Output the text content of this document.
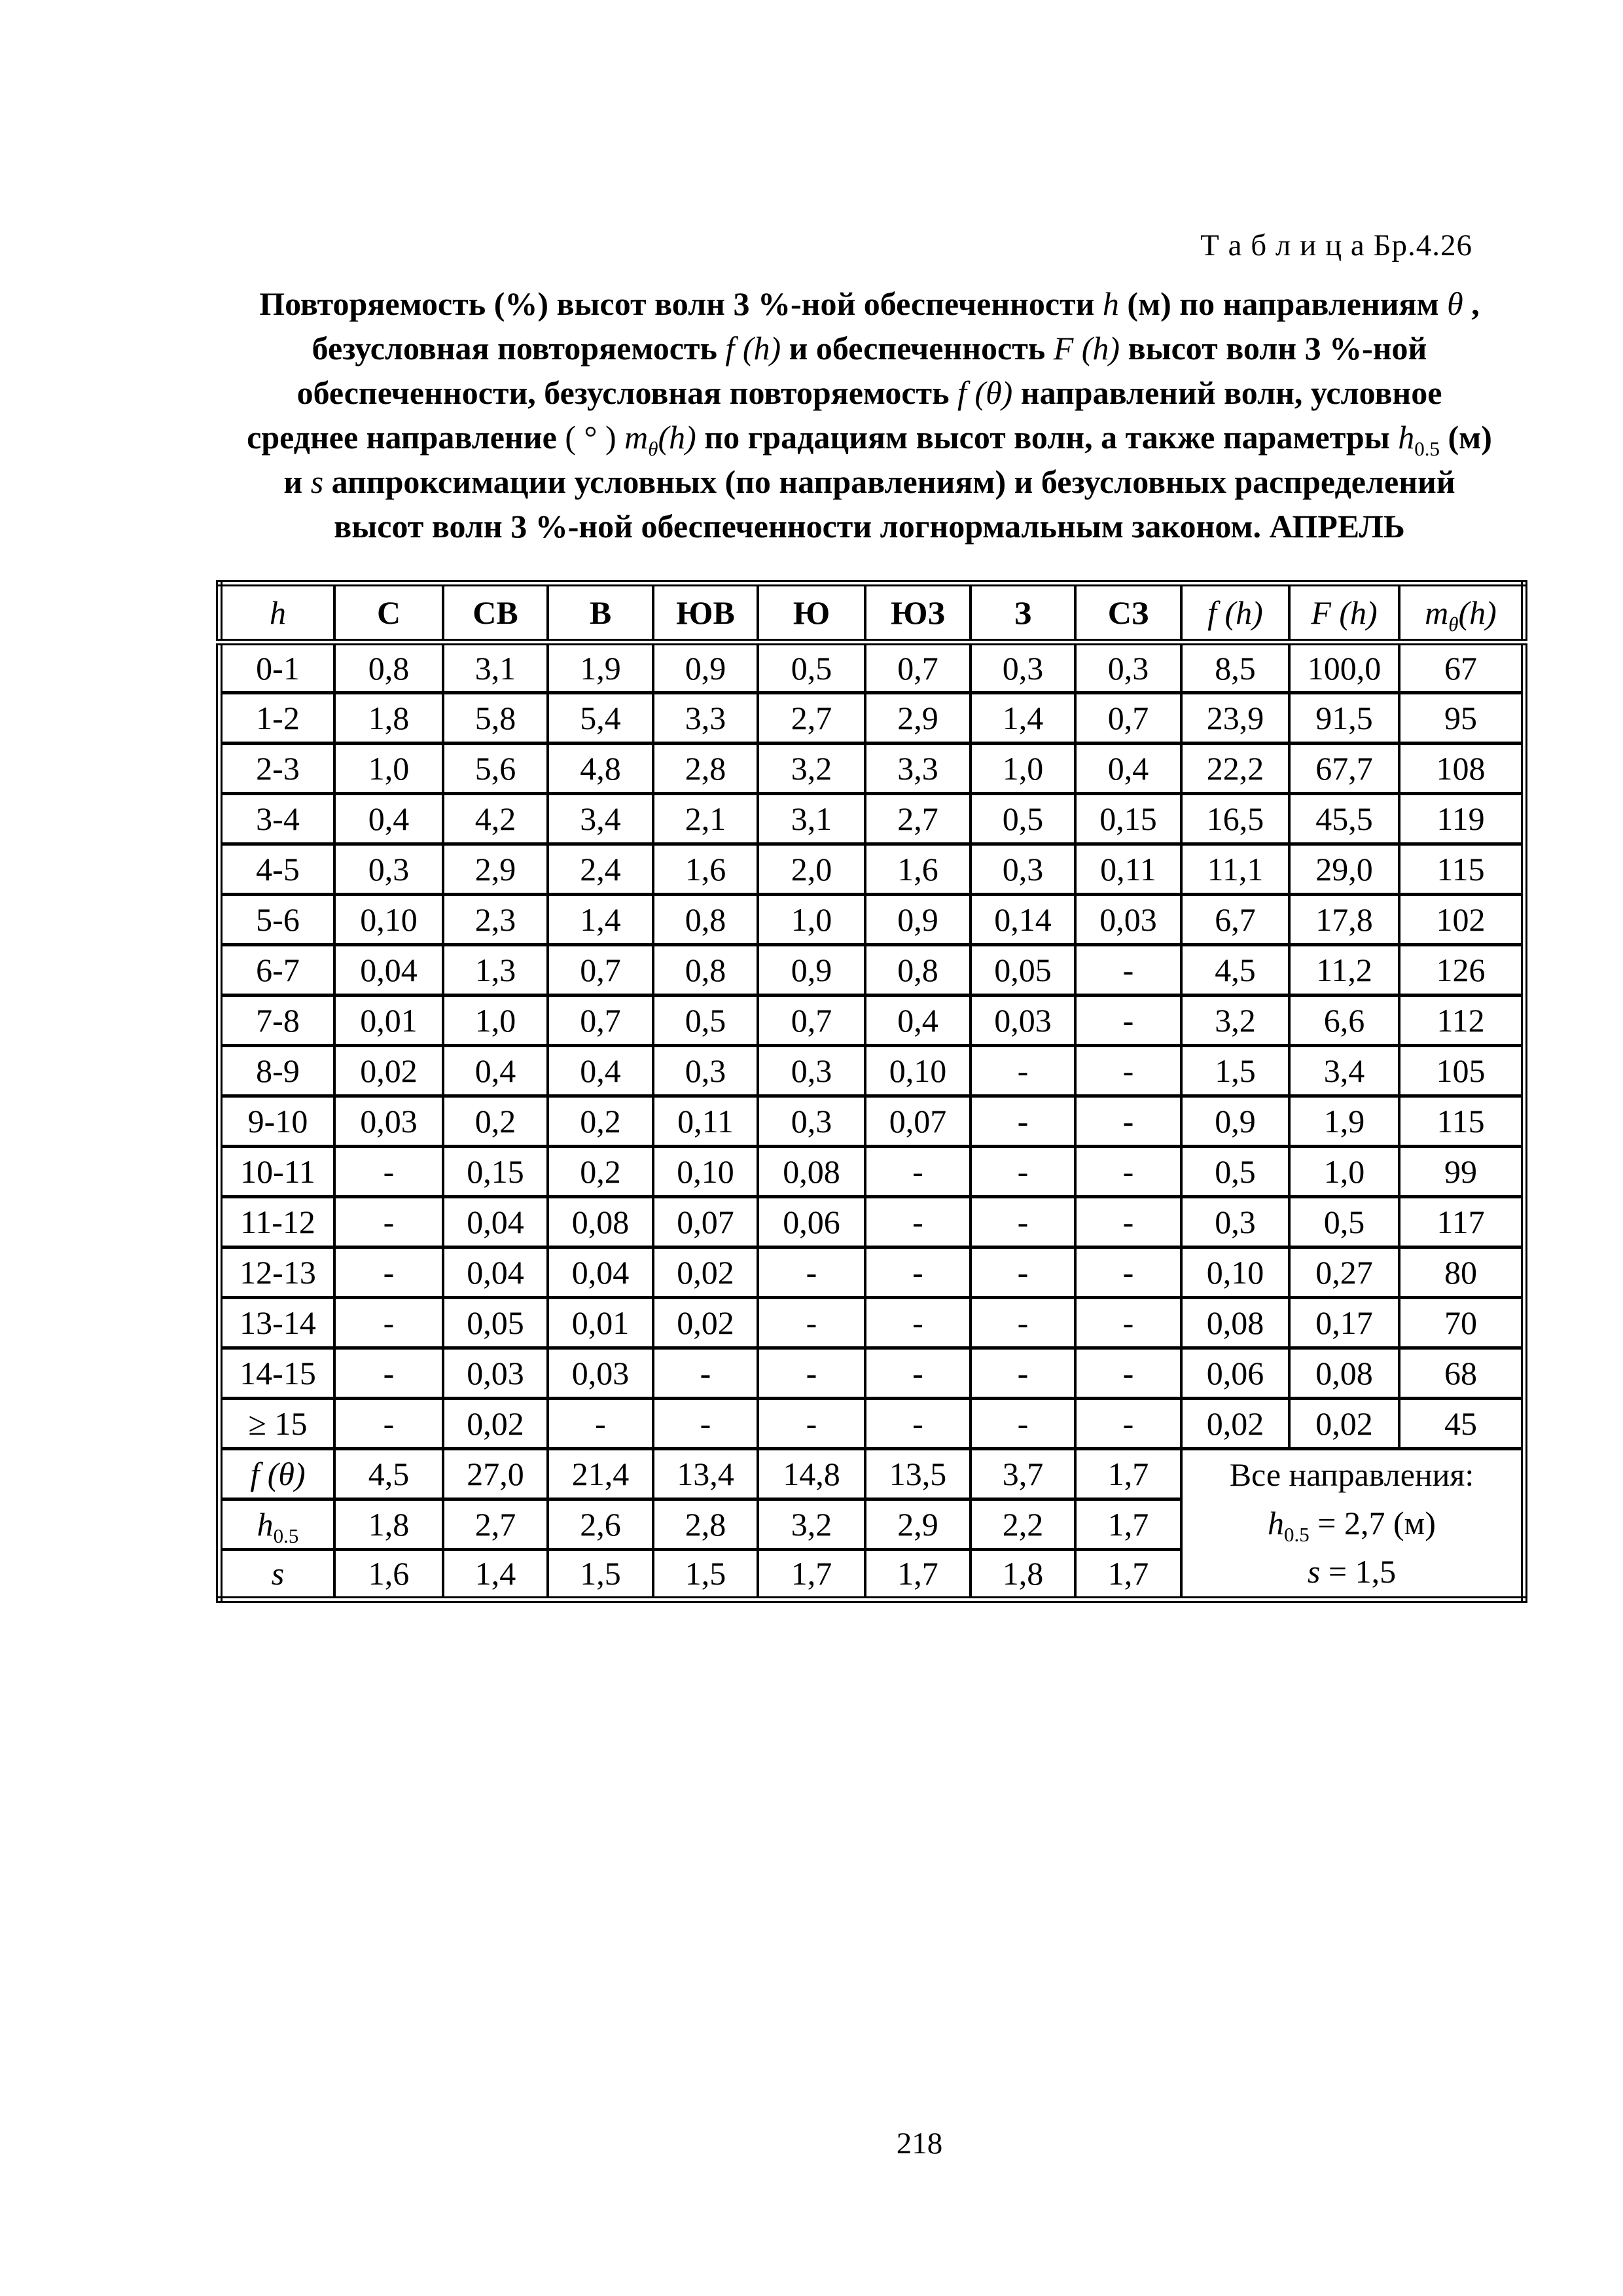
Т а б л и ц а Бр.4.26
Повторяемость (%) высот волн 3 %-ной обеспеченности h (м) по направлениям θ ,
безусловная повторяемость f (h) и обеспеченность F (h) высот волн 3 %-ной
обеспеченности, безусловная повторяемость f (θ) направлений волн, условное
среднее направление ( ° ) $m_\theta(h)$ по градациям высот волн, а также параметры $h_{0.5}$ (м)
и s аппроксимации условных (по направлениям) и безусловных распределений
высот волн 3 %-ной обеспеченности логнормальным законом. АПРЕЛЬ
h	С	СВ	В	ЮВ	Ю	ЮЗ	З	СЗ	f (h)	F (h)	$m_\theta(h)$
0-1	0,8	3,1	1,9	0,9	0,5	0,7	0,3	0,3	8,5	100,0	67
1-2	1,8	5,8	5,4	3,3	2,7	2,9	1,4	0,7	23,9	91,5	95
2-3	1,0	5,6	4,8	2,8	3,2	3,3	1,0	0,4	22,2	67,7	108
3-4	0,4	4,2	3,4	2,1	3,1	2,7	0,5	0,15	16,5	45,5	119
4-5	0,3	2,9	2,4	1,6	2,0	1,6	0,3	0,11	11,1	29,0	115
5-6	0,10	2,3	1,4	0,8	1,0	0,9	0,14	0,03	6,7	17,8	102
6-7	0,04	1,3	0,7	0,8	0,9	0,8	0,05	-	4,5	11,2	126
7-8	0,01	1,0	0,7	0,5	0,7	0,4	0,03	-	3,2	6,6	112
8-9	0,02	0,4	0,4	0,3	0,3	0,10	-	-	1,5	3,4	105
9-10	0,03	0,2	0,2	0,11	0,3	0,07	-	-	0,9	1,9	115
10-11	-	0,15	0,2	0,10	0,08	-	-	-	0,5	1,0	99
11-12	-	0,04	0,08	0,07	0,06	-	-	-	0,3	0,5	117
12-13	-	0,04	0,04	0,02	-	-	-	-	0,10	0,27	80
13-14	-	0,05	0,01	0,02	-	-	-	-	0,08	0,17	70
14-15	-	0,03	0,03	-	-	-	-	-	0,06	0,08	68
≥ 15	-	0,02	-	-	-	-	-	-	0,02	0,02	45
f (θ)	4,5	27,0	21,4	13,4	14,8	13,5	3,7	1,7	Все направления:
$h_{0.5} = 2,7$ (м)
s = 1,5		

$h_{0.5}$	1,8	2,7	2,6	2,8	3,2	2,9	2,2	1,7			
s	1,6	1,4	1,5	1,5	1,7	1,7	1,8	1,7			
218
